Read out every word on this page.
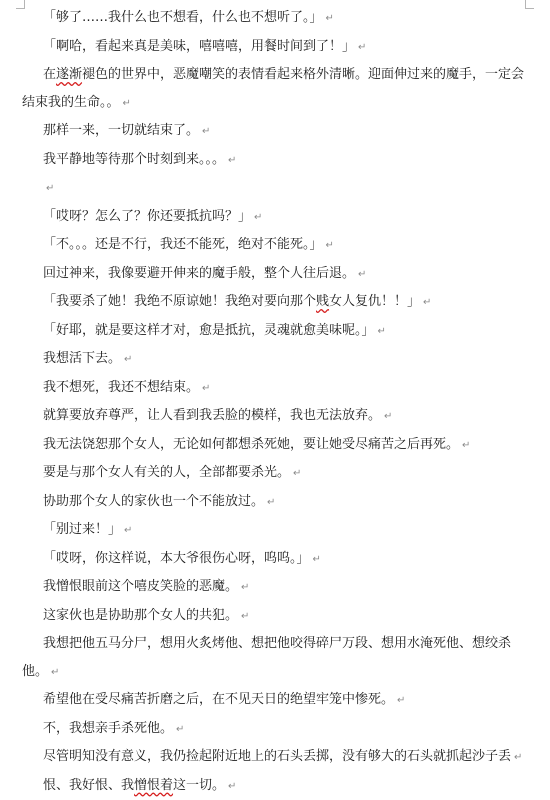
「够了……我什么也不想看，什么也不想听了。」 ↵
「啊哈，看起来真是美味，嘻嘻嘻，用餐时间到了！」 ↵
在遂渐褪色的世界中，恶魔嘲笑的表情看起来格外清晰。迎面伸过来的魔手，一定会结束我的生命。。 ↵
那样一来，一切就结束了。 ↵
我平静地等待那个时刻到来。。。 ↵
↵
「哎呀？怎么了？你还要抵抗吗？」 ↵
「不。。。还是不行，我还不能死，绝对不能死。」 ↵
回过神来，我像要避开伸来的魔手般，整个人往后退。 ↵
「我要杀了她！我绝不原谅她！我绝对要向那个贱女人复仇！！」 ↵
「好耶，就是要这样才对，愈是抵抗，灵魂就愈美味呢。」 ↵
我想活下去。 ↵
我不想死，我还不想结束。 ↵
就算要放弃尊严，让人看到我丢脸的模样，我也无法放弃。 ↵
我无法饶恕那个女人，无论如何都想杀死她，要让她受尽痛苦之后再死。 ↵
要是与那个女人有关的人，全部都要杀光。 ↵
协助那个女人的家伙也一个不能放过。 ↵
「别过来！」 ↵
「哎呀，你这样说，本大爷很伤心呀，呜呜。」 ↵
我憎恨眼前这个嘻皮笑脸的恶魔。 ↵
这家伙也是协助那个女人的共犯。 ↵
我想把他五马分尸，想用火炙烤他、想把他咬得碎尸万段、想用水淹死他、想绞杀他。 ↵
希望他在受尽痛苦折磨之后，在不见天日的绝望牢笼中惨死。 ↵
不，我想亲手杀死他。 ↵
尽管明知没有意义，我仍捡起附近地上的石头丢掷，没有够大的石头就抓起沙子丢 ↵
恨、我好恨、我憎恨着这一切。 ↵
